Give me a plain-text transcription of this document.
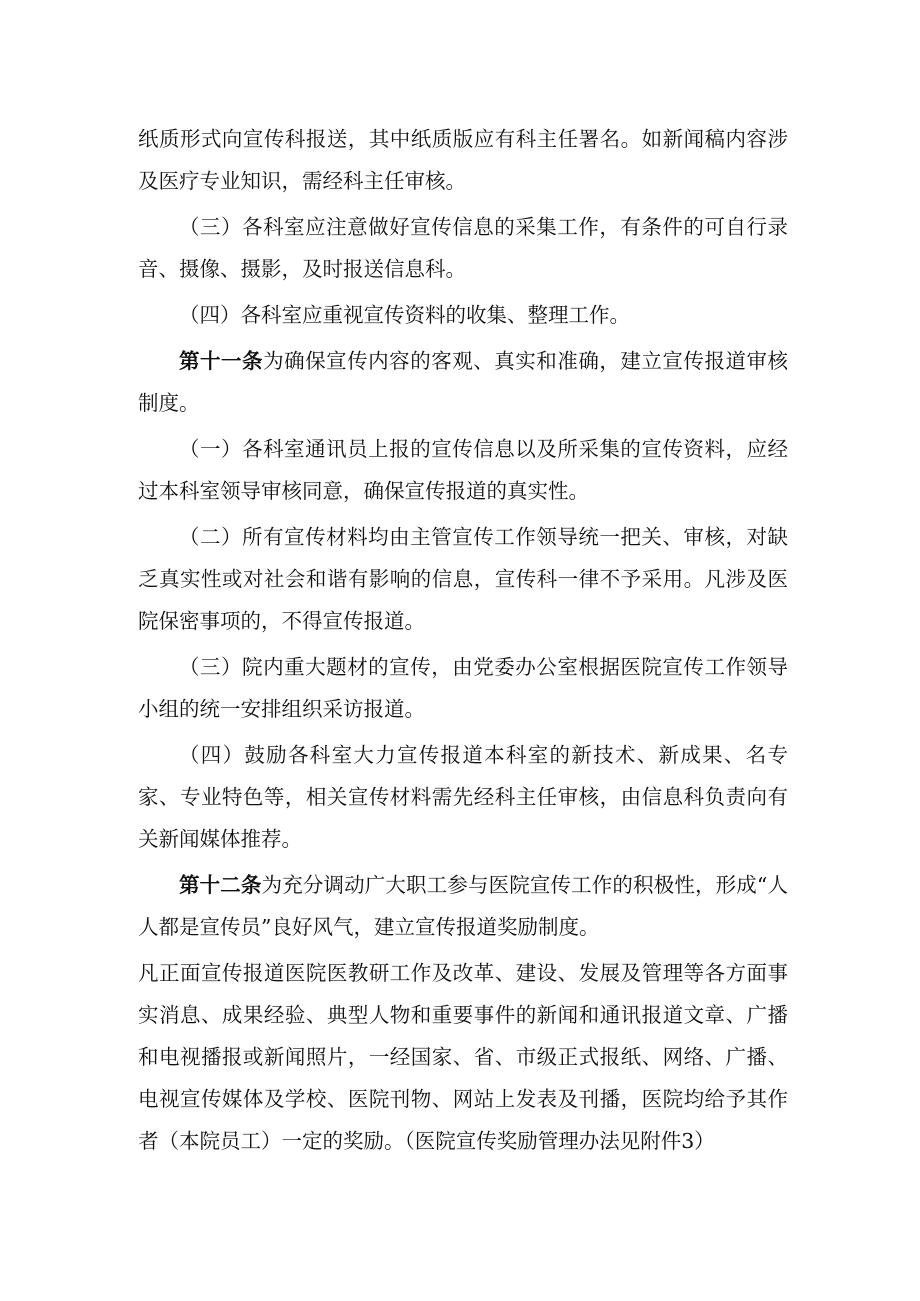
纸质形式向宣传科报送，其中纸质版应有科主任署名。如新闻稿内容涉及医疗专业知识，需经科主任审核。

（三）各科室应注意做好宣传信息的采集工作，有条件的可自行录音、摄像、摄影，及时报送信息科。

（四）各科室应重视宣传资料的收集、整理工作。

第十一条为确保宣传内容的客观、真实和准确，建立宣传报道审核制度。

（一）各科室通讯员上报的宣传信息以及所采集的宣传资料，应经过本科室领导审核同意，确保宣传报道的真实性。

（二）所有宣传材料均由主管宣传工作领导统一把关、审核，对缺乏真实性或对社会和谐有影响的信息，宣传科一律不予采用。凡涉及医院保密事项的，不得宣传报道。

（三）院内重大题材的宣传，由党委办公室根据医院宣传工作领导小组的统一安排组织采访报道。

（四）鼓励各科室大力宣传报道本科室的新技术、新成果、名专家、专业特色等，相关宣传材料需先经科主任审核，由信息科负责向有关新闻媒体推荐。

第十二条为充分调动广大职工参与医院宣传工作的积极性，形成“人人都是宣传员”良好风气，建立宣传报道奖励制度。

凡正面宣传报道医院医教研工作及改革、建设、发展及管理等各方面事实消息、成果经验、典型人物和重要事件的新闻和通讯报道文章、广播和电视播报或新闻照片，一经国家、省、市级正式报纸、网络、广播、电视宣传媒体及学校、医院刊物、网站上发表及刊播，医院均给予其作者（本院员工）一定的奖励。（医院宣传奖励管理办法见附件3）
